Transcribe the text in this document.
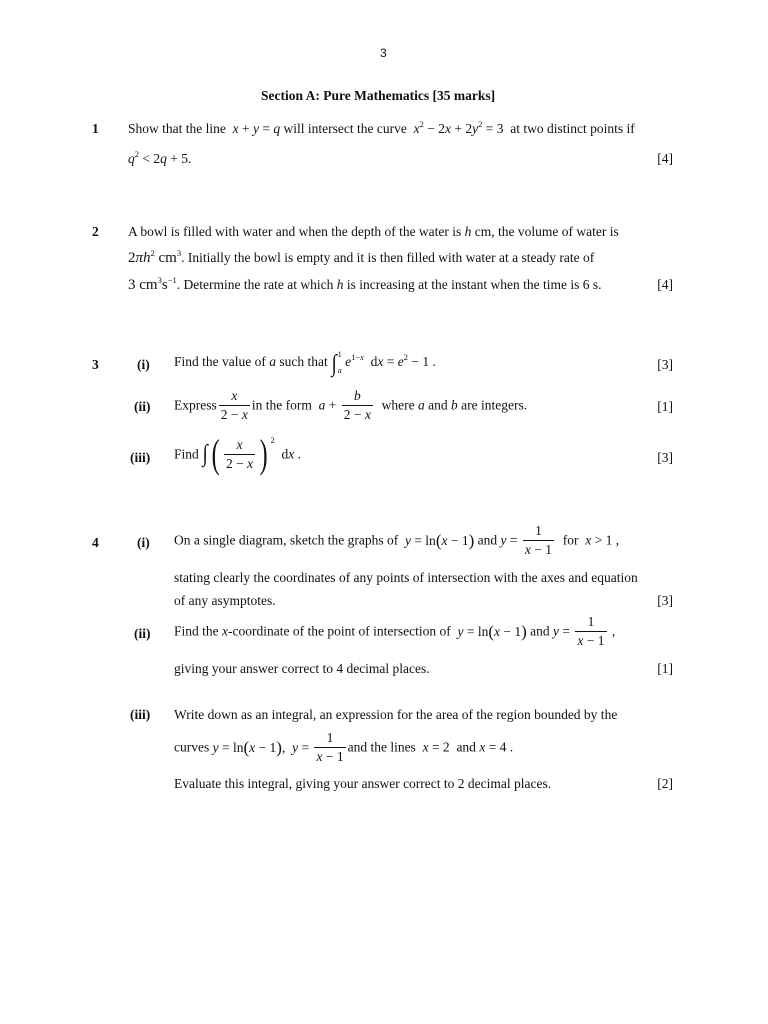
3
Section A: Pure Mathematics [35 marks]
1 Show that the line x + y = q will intersect the curve $x^2 - 2x + 2y^2 = 3$  at two distinct points if
$q^2 < 2q + 5$.	[4]
2 A bowl is filled with water and when the depth of the water is h cm, the volume of water is
$2\pi h^2$ $cm^3$. Initially the bowl is empty and it is then filled with water at a steady rate of
3 $cm^3s^{-1}$. Determine the rate at which h is increasing at the instant when the time is 6 s.	[4]
3	(i) Find the value of a such that ∫ 1
a
$e^{1-x}$  dx = $e^2 - 1$ .	[3]
(ii) Express $\frac{x}{2 - x}$ in the form $a + \frac{b}{2 - x}$ where a and b are integers.	[1]
(iii) Find ∫( $\frac{x}{2 - x}$ ) $^2$  dx .	[3]
4	(i) On a single diagram, sketch the graphs of y = ln(x − 1) and $y = \frac{1}{x - 1}$ for x > 1 ,
stating clearly the coordinates of any points of intersection with the axes and equation
of any asymptotes.	[3]
(ii) Find the x-coordinate of the point of intersection of y = ln(x − 1) and $y = \frac{1}{x - 1}$ ,
giving your answer correct to 4 decimal places.	[1]
(iii) Write down as an integral, an expression for the area of the region bounded by the
curves y = ln(x − 1),  $y = \frac{1}{x - 1}$ and the lines x = 2  and x = 4 .
Evaluate this integral, giving your answer correct to 2 decimal places.	[2]
